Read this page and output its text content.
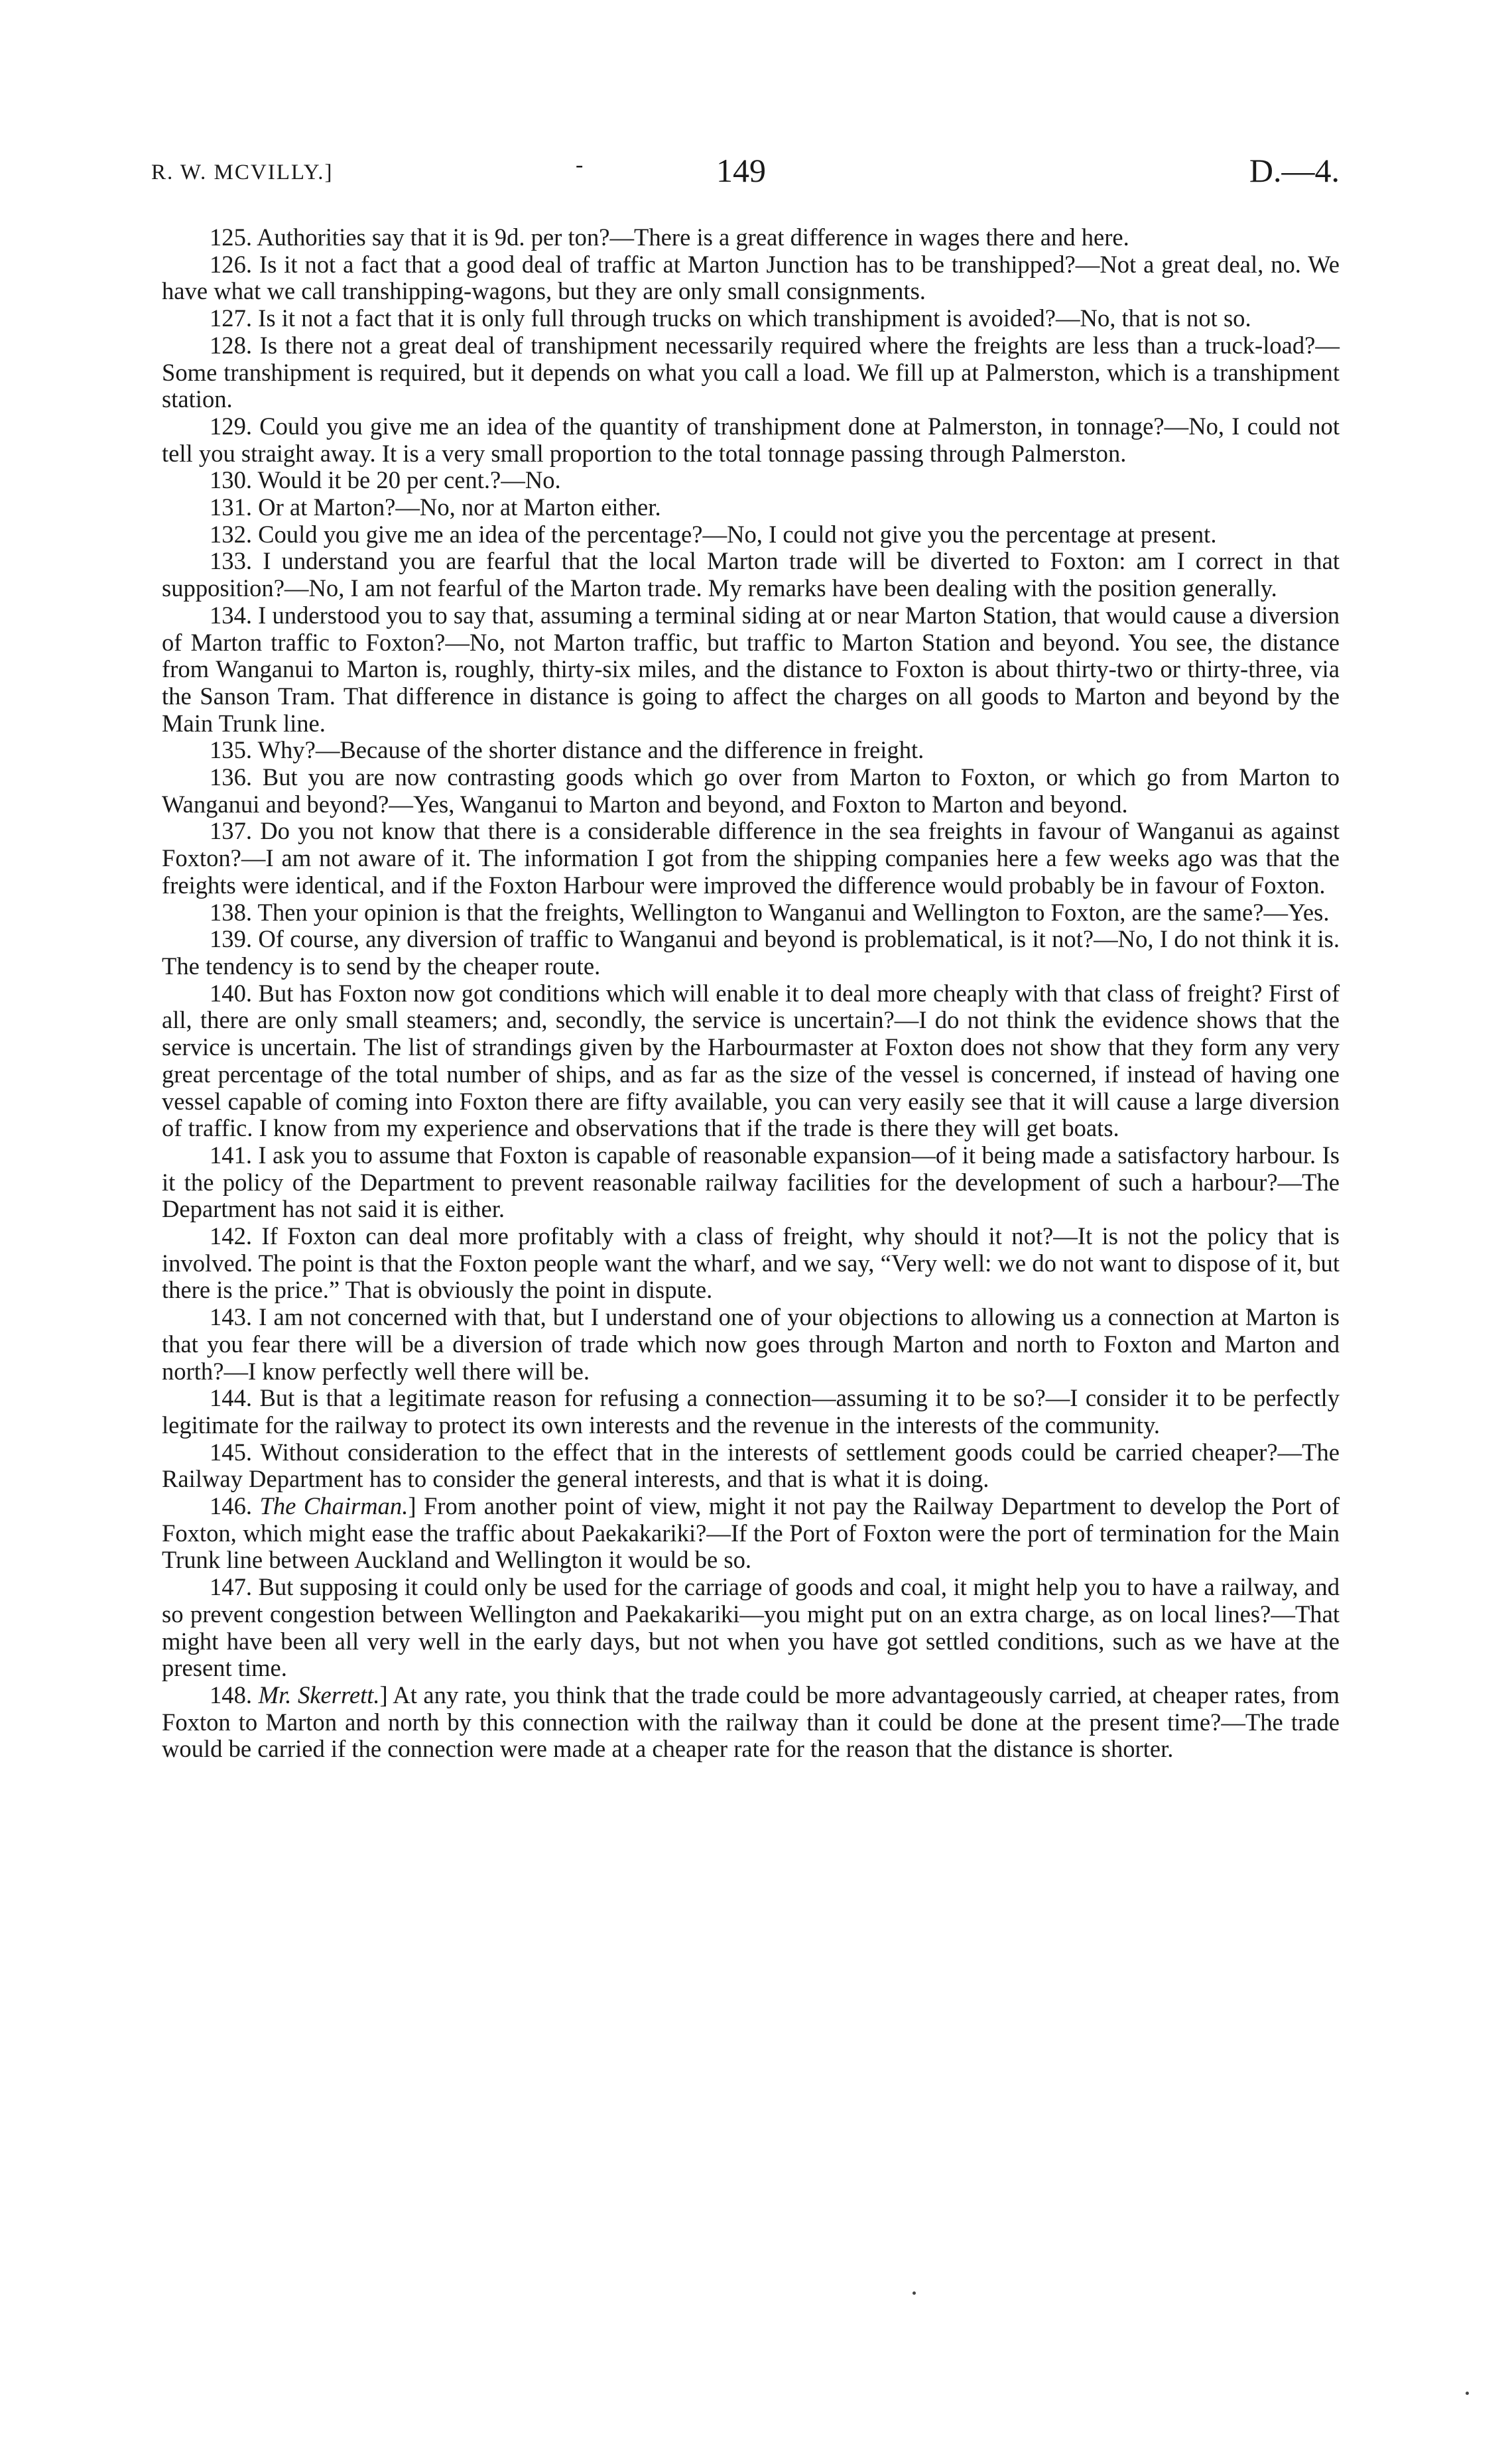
R. W. MCVILLY.]	-	149	D.—4.

125. Authorities say that it is 9d. per ton?—There is a great difference in wages there and here.

126. Is it not a fact that a good deal of traffic at Marton Junction has to be transhipped?—Not a great deal, no. We have what we call transhipping-wagons, but they are only small consignments.

127. Is it not a fact that it is only full through trucks on which transhipment is avoided?—No, that is not so.

128. Is there not a great deal of transhipment necessarily required where the freights are less than a truck-load?—Some transhipment is required, but it depends on what you call a load. We fill up at Palmerston, which is a transhipment station.

129. Could you give me an idea of the quantity of transhipment done at Palmerston, in tonnage?—No, I could not tell you straight away. It is a very small proportion to the total tonnage passing through Palmerston.

130. Would it be 20 per cent.?—No.

131. Or at Marton?—No, nor at Marton either.

132. Could you give me an idea of the percentage?—No, I could not give you the percentage at present.

133. I understand you are fearful that the local Marton trade will be diverted to Foxton: am I correct in that supposition?—No, I am not fearful of the Marton trade. My remarks have been dealing with the position generally.

134. I understood you to say that, assuming a terminal siding at or near Marton Station, that would cause a diversion of Marton traffic to Foxton?—No, not Marton traffic, but traffic to Marton Station and beyond. You see, the distance from Wanganui to Marton is, roughly, thirty-six miles, and the distance to Foxton is about thirty-two or thirty-three, via the Sanson Tram. That difference in distance is going to affect the charges on all goods to Marton and beyond by the Main Trunk line.

135. Why?—Because of the shorter distance and the difference in freight.

136. But you are now contrasting goods which go over from Marton to Foxton, or which go from Marton to Wanganui and beyond?—Yes, Wanganui to Marton and beyond, and Foxton to Marton and beyond.

137. Do you not know that there is a considerable difference in the sea freights in favour of Wanganui as against Foxton?—I am not aware of it. The information I got from the shipping companies here a few weeks ago was that the freights were identical, and if the Foxton Harbour were improved the difference would probably be in favour of Foxton.

138. Then your opinion is that the freights, Wellington to Wanganui and Wellington to Foxton, are the same?—Yes.

139. Of course, any diversion of traffic to Wanganui and beyond is problematical, is it not?—No, I do not think it is. The tendency is to send by the cheaper route.

140. But has Foxton now got conditions which will enable it to deal more cheaply with that class of freight? First of all, there are only small steamers; and, secondly, the service is uncertain?—I do not think the evidence shows that the service is uncertain. The list of strandings given by the Harbourmaster at Foxton does not show that they form any very great percentage of the total number of ships, and as far as the size of the vessel is concerned, if instead of having one vessel capable of coming into Foxton there are fifty available, you can very easily see that it will cause a large diversion of traffic. I know from my experience and observations that if the trade is there they will get boats.

141. I ask you to assume that Foxton is capable of reasonable expansion—of it being made a satisfactory harbour. Is it the policy of the Department to prevent reasonable railway facilities for the development of such a harbour?—The Department has not said it is either.

142. If Foxton can deal more profitably with a class of freight, why should it not?—It is not the policy that is involved. The point is that the Foxton people want the wharf, and we say, “Very well: we do not want to dispose of it, but there is the price.” That is obviously the point in dispute.

143. I am not concerned with that, but I understand one of your objections to allowing us a connection at Marton is that you fear there will be a diversion of trade which now goes through Marton and north to Foxton and Marton and north?—I know perfectly well there will be.

144. But is that a legitimate reason for refusing a connection—assuming it to be so?—I consider it to be perfectly legitimate for the railway to protect its own interests and the revenue in the interests of the community.

145. Without consideration to the effect that in the interests of settlement goods could be carried cheaper?—The Railway Department has to consider the general interests, and that is what it is doing.

146. The Chairman.] From another point of view, might it not pay the Railway Department to develop the Port of Foxton, which might ease the traffic about Paekakariki?—If the Port of Foxton were the port of termination for the Main Trunk line between Auckland and Wellington it would be so.

147. But supposing it could only be used for the carriage of goods and coal, it might help you to have a railway, and so prevent congestion between Wellington and Paekakariki—you might put on an extra charge, as on local lines?—That might have been all very well in the early days, but not when you have got settled conditions, such as we have at the present time.

148. Mr. Skerrett.] At any rate, you think that the trade could be more advantageously carried, at cheaper rates, from Foxton to Marton and north by this connection with the railway than it could be done at the present time?—The trade would be carried if the connection were made at a cheaper rate for the reason that the distance is shorter.
